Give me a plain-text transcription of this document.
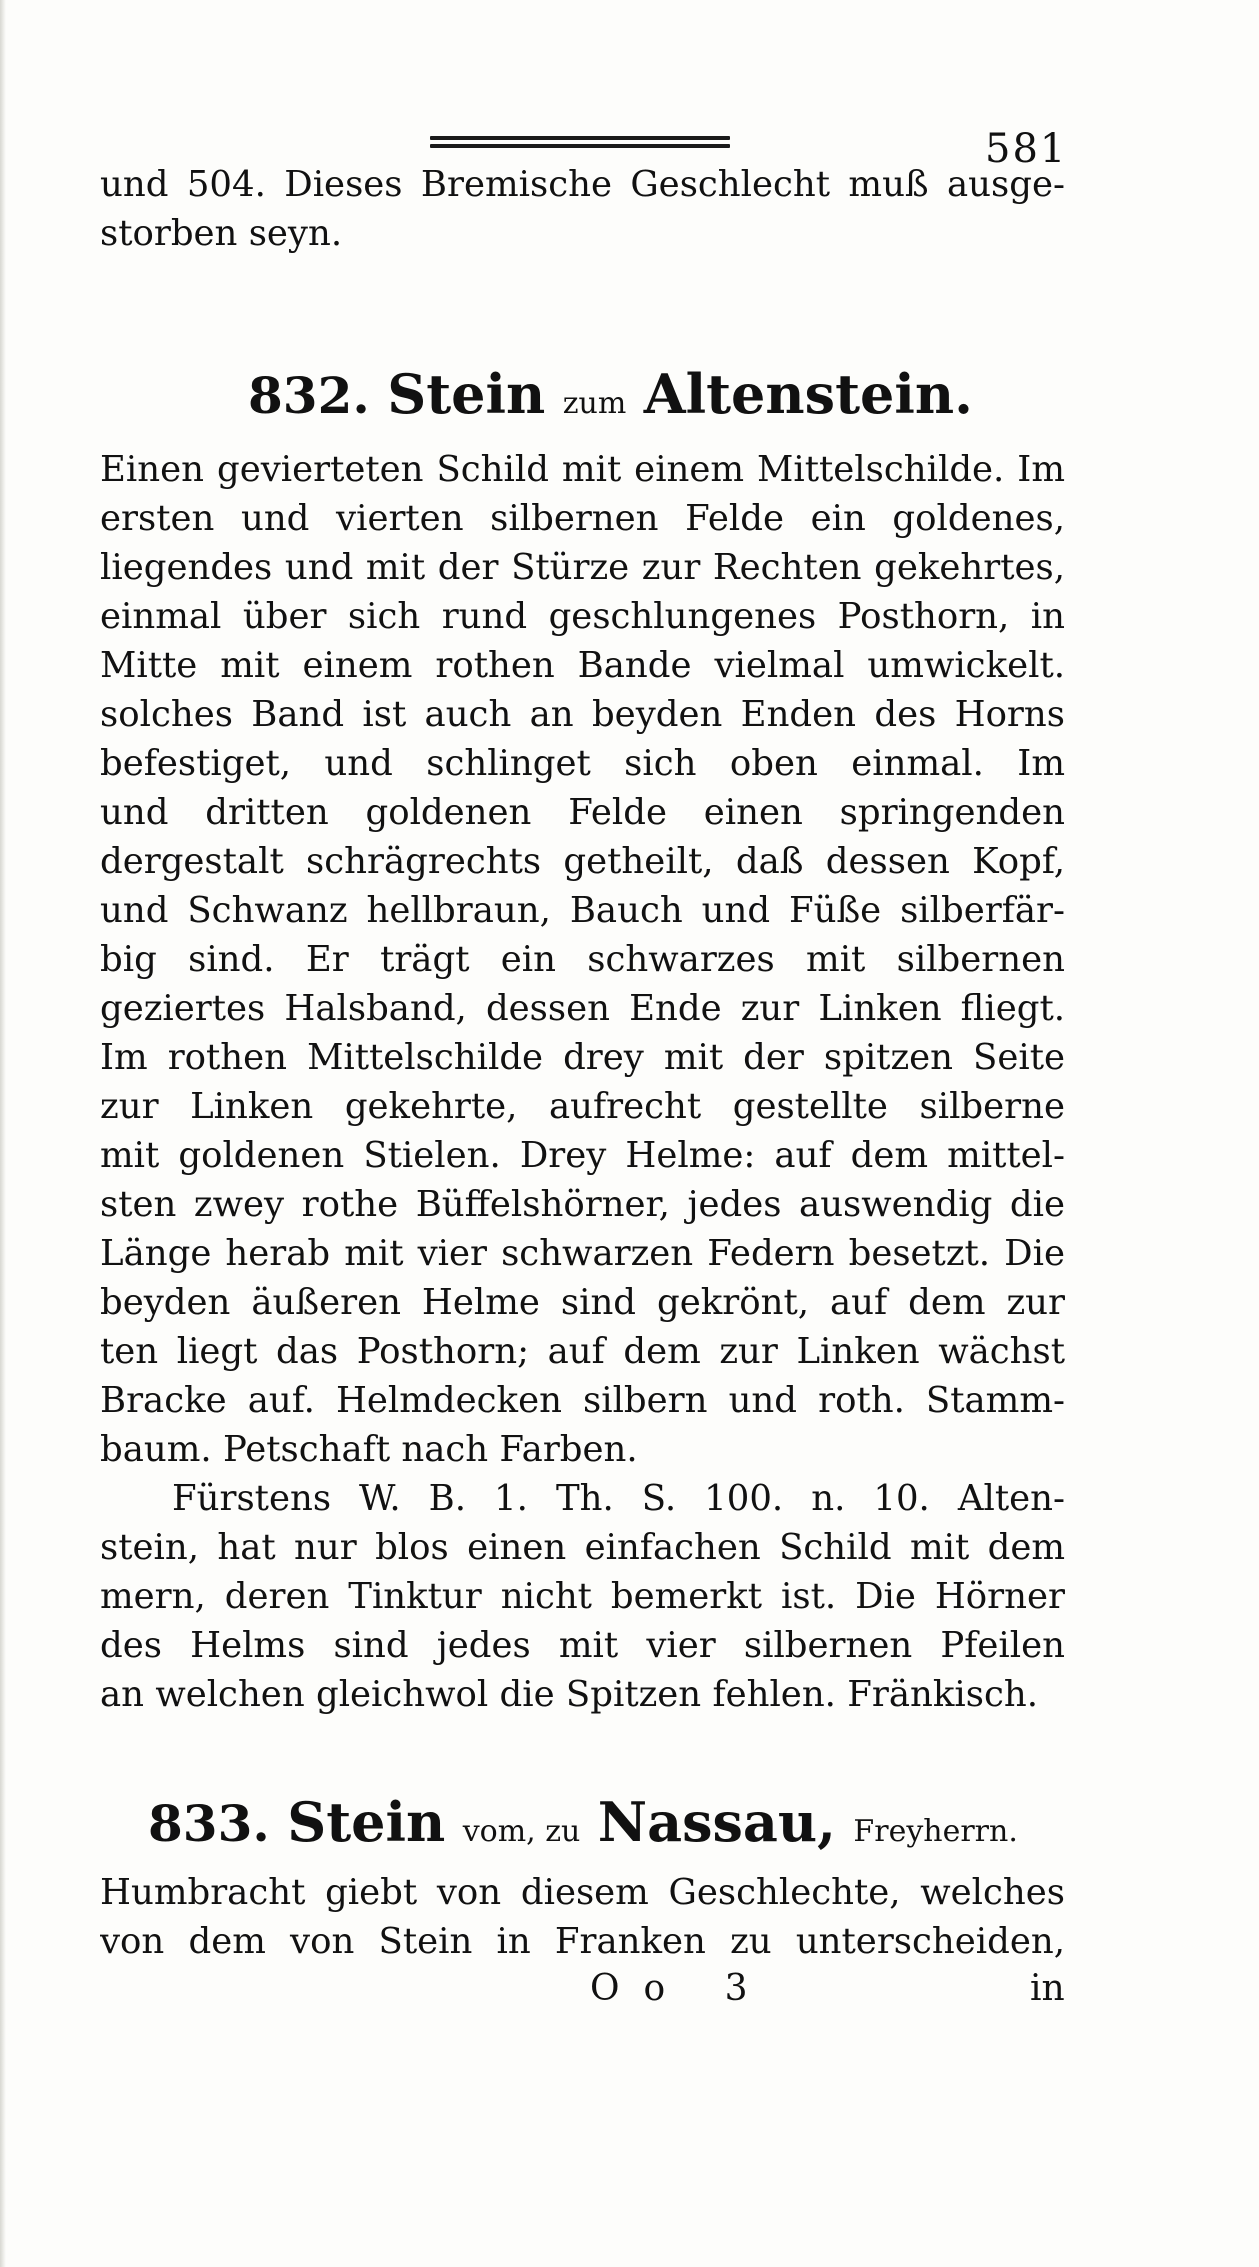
581
und 504. Dieses Bremische Geschlecht muß ausge-
storben seyn.
832. Stein zum Altenstein.
Einen gevierteten Schild mit einem Mittelschilde. Im
ersten und vierten silbernen Felde ein goldenes,
liegendes und mit der Stürze zur Rechten gekehrtes,
einmal über sich rund geschlungenes Posthorn, in
Mitte mit einem rothen Bande vielmal umwickelt.
solches Band ist auch an beyden Enden des Horns
befestiget, und schlinget sich oben einmal. Im
und dritten goldenen Felde einen springenden
dergestalt schrägrechts getheilt, daß dessen Kopf,
und Schwanz hellbraun, Bauch und Füße silberfär-
big sind. Er trägt ein schwarzes mit silbernen
geziertes Halsband, dessen Ende zur Linken fliegt.
Im rothen Mittelschilde drey mit der spitzen Seite
zur Linken gekehrte, aufrecht gestellte silberne
mit goldenen Stielen. Drey Helme: auf dem mittel-
sten zwey rothe Büffelshörner, jedes auswendig die
Länge herab mit vier schwarzen Federn besetzt. Die
beyden äußeren Helme sind gekrönt, auf dem zur
ten liegt das Posthorn; auf dem zur Linken wächst
Bracke auf. Helmdecken silbern und roth. Stamm-
baum. Petschaft nach Farben.
Fürstens W. B. 1. Th. S. 100. n. 10. Alten-
stein, hat nur blos einen einfachen Schild mit dem
mern, deren Tinktur nicht bemerkt ist. Die Hörner
des Helms sind jedes mit vier silbernen Pfeilen
an welchen gleichwol die Spitzen fehlen. Fränkisch.
833. Stein vom, zu Nassau, Freyherrn.
Humbracht giebt von diesem Geschlechte, welches
von dem von Stein in Franken zu unterscheiden,
Oo 3	in
